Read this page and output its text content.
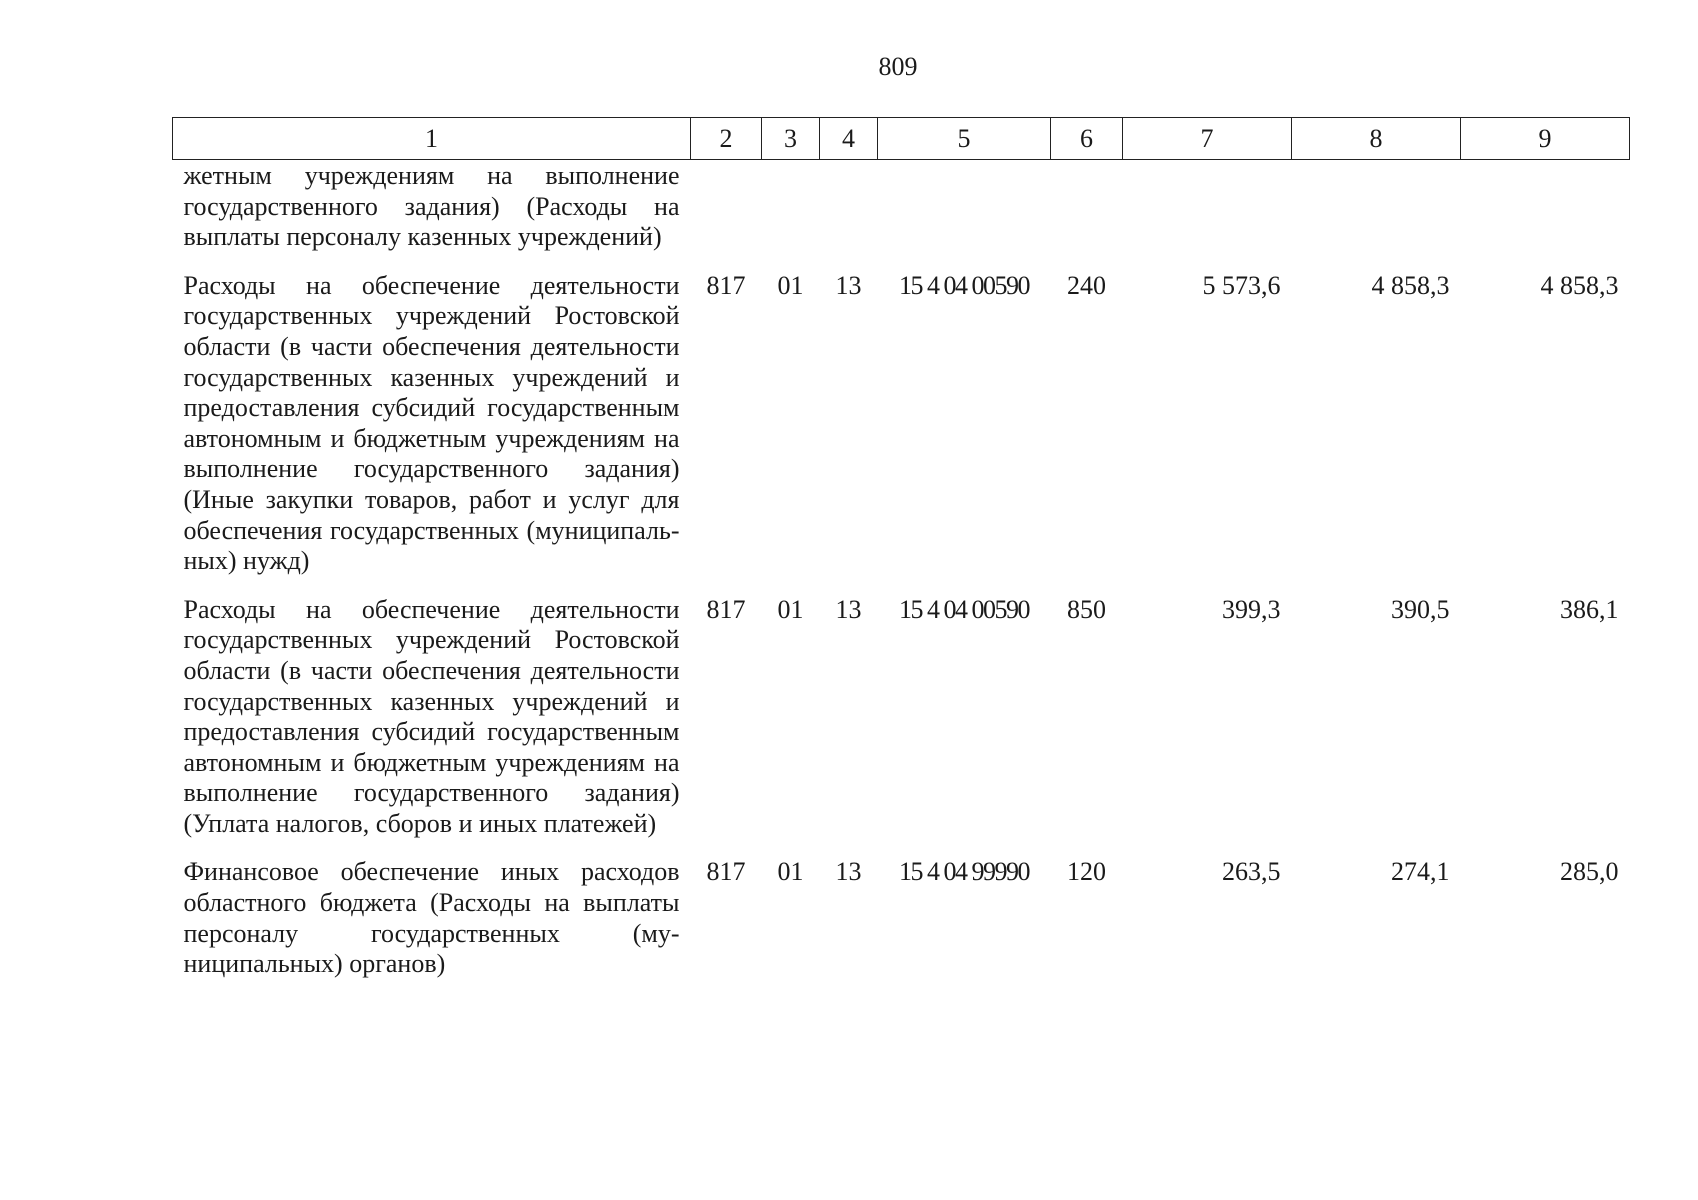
809
1	2	3	4	5	6	7	8	9
жетным учреждениям на выполнение государственного задания) (Расходы на выплаты персоналу казенных учреждений)								
Расходы на обеспечение деятельности государственных учреждений Ростовской области (в части обеспечения деятельности государственных казенных учреждений и предоставления субсидий государственным автономным и бюджетным учреждениям на выполнение государственного задания) (Иные закупки товаров, работ и услуг для обеспечения государственных (муниципальных) нужд)	817	01	13	15 4 04 00590	240	5 573,6	4 858,3	4 858,3
Расходы на обеспечение деятельности государственных учреждений Ростовской области (в части обеспечения деятельности государственных казенных учреждений и предоставления субсидий государственным автономным и бюджетным учреждениям на выполнение государственного задания) (Уплата налогов, сборов и иных платежей)	817	01	13	15 4 04 00590	850	399,3	390,5	386,1
Финансовое обеспечение иных расходов областного бюджета (Расходы на выплаты персоналу государственных (муниципальных) органов)	817	01	13	15 4 04 99990	120	263,5	274,1	285,0
